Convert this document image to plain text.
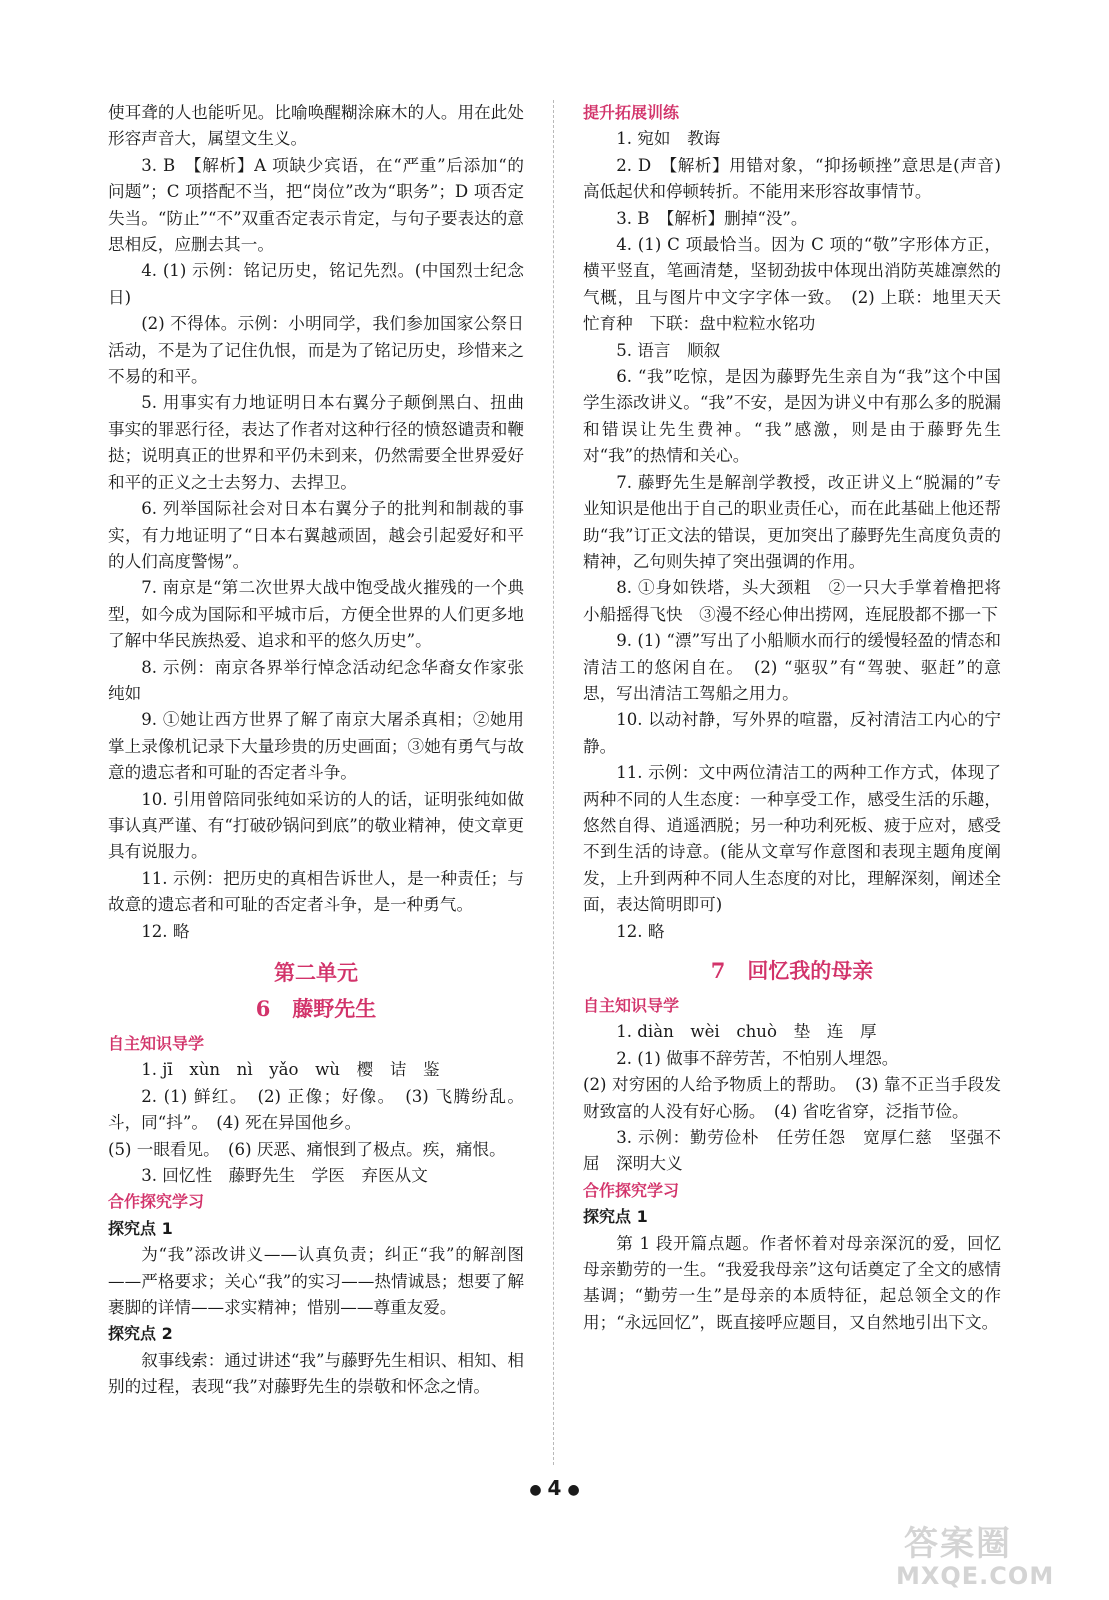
使耳聋的人也能听见。比喻唤醒糊涂麻木的人。用在此处形容声音大，属望文生义。

3. B　【解析】A 项缺少宾语，在“严重”后添加“的问题”；C 项搭配不当，把“岗位”改为“职务”；D 项否定失当。“防止”“不”双重否定表示肯定，与句子要表达的意思相反，应删去其一。

4. (1) 示例：铭记历史，铭记先烈。(中国烈士纪念日)

(2) 不得体。示例：小明同学，我们参加国家公祭日活动，不是为了记住仇恨，而是为了铭记历史，珍惜来之不易的和平。

5. 用事实有力地证明日本右翼分子颠倒黑白、扭曲事实的罪恶行径，表达了作者对这种行径的愤怒谴责和鞭挞；说明真正的世界和平仍未到来，仍然需要全世界爱好和平的正义之士去努力、去捍卫。

6. 列举国际社会对日本右翼分子的批判和制裁的事实，有力地证明了“日本右翼越顽固，越会引起爱好和平的人们高度警惕”。

7. 南京是“第二次世界大战中饱受战火摧残的一个典型，如今成为国际和平城市后，方便全世界的人们更多地了解中华民族热爱、追求和平的悠久历史”。

8. 示例：南京各界举行悼念活动纪念华裔女作家张纯如

9. ①她让西方世界了解了南京大屠杀真相；②她用掌上录像机记录下大量珍贵的历史画面；③她有勇气与故意的遗忘者和可耻的否定者斗争。

10. 引用曾陪同张纯如采访的人的话，证明张纯如做事认真严谨、有“打破砂锅问到底”的敬业精神，使文章更具有说服力。

11. 示例：把历史的真相告诉世人，是一种责任；与故意的遗忘者和可耻的否定者斗争，是一种勇气。

12. 略

第二单元
6 藤野先生

自主知识导学

1. jī　xùn　nì　yǎo　wù　樱　诘　鉴

2. (1) 鲜红。　(2) 正像；好像。　(3) 飞腾纷乱。斗，同“抖”。　(4) 死在异国他乡。

(5) 一眼看见。　(6) 厌恶、痛恨到了极点。疾，痛恨。

3. 回忆性　藤野先生　学医　弃医从文

合作探究学习

探究点 1

为“我”添改讲义——认真负责；纠正“我”的解剖图——严格要求；关心“我”的实习——热情诚恳；想要了解裹脚的详情——求实精神；惜别——尊重友爱。

探究点 2

叙事线索：通过讲述“我”与藤野先生相识、相知、相别的过程，表现“我”对藤野先生的崇敬和怀念之情。

提升拓展训练

1. 宛如　教诲

2. D　【解析】用错对象，“抑扬顿挫”意思是(声音)高低起伏和停顿转折。不能用来形容故事情节。

3. B　【解析】删掉“没”。

4. (1) C 项最恰当。因为 C 项的“敬”字形体方正，横平竖直，笔画清楚，坚韧劲拔中体现出消防英雄凛然的气概，且与图片中文字字体一致。　(2) 上联：地里天天忙育种　下联：盘中粒粒水铭功

5. 语言　顺叙

6. “我”吃惊，是因为藤野先生亲自为“我”这个中国学生添改讲义。“我”不安，是因为讲义中有那么多的脱漏和错误让先生费神。“我”感激，则是由于藤野先生对“我”的热情和关心。

7. 藤野先生是解剖学教授，改正讲义上“脱漏的”专业知识是他出于自己的职业责任心，而在此基础上他还帮助“我”订正文法的错误，更加突出了藤野先生高度负责的精神，乙句则失掉了突出强调的作用。

8. ①身如铁塔，头大颈粗　②一只大手掌着橹把将小船摇得飞快　③漫不经心伸出捞网，连屁股都不挪一下

9. (1) “漂”写出了小船顺水而行的缓慢轻盈的情态和清洁工的悠闲自在。　(2) “驱驭”有“驾驶、驱赶”的意思，写出清洁工驾船之用力。

10. 以动衬静，写外界的喧嚣，反衬清洁工内心的宁静。

11. 示例：文中两位清洁工的两种工作方式，体现了两种不同的人生态度：一种享受工作，感受生活的乐趣，悠然自得、逍遥洒脱；另一种功利死板、疲于应对，感受不到生活的诗意。(能从文章写作意图和表现主题角度阐发，上升到两种不同人生态度的对比，理解深刻，阐述全面，表达简明即可)

12. 略

7 回忆我的母亲

自主知识导学

1. diàn　wèi　chuò　垫　连　厚

2. (1) 做事不辞劳苦，不怕别人埋怨。

(2) 对穷困的人给予物质上的帮助。　(3) 靠不正当手段发财致富的人没有好心肠。　(4) 省吃省穿，泛指节俭。

3. 示例：勤劳俭朴　任劳任怨　宽厚仁慈　坚强不屈　深明大义

合作探究学习

探究点 1

第 1 段开篇点题。作者怀着对母亲深沉的爱，回忆母亲勤劳的一生。“我爱我母亲”这句话奠定了全文的感情基调；“勤劳一生”是母亲的本质特征，起总领全文的作用；“永远回忆”，既直接呼应题目，又自然地引出下文。

● 4 ●
答案圈
MXQE.COM
